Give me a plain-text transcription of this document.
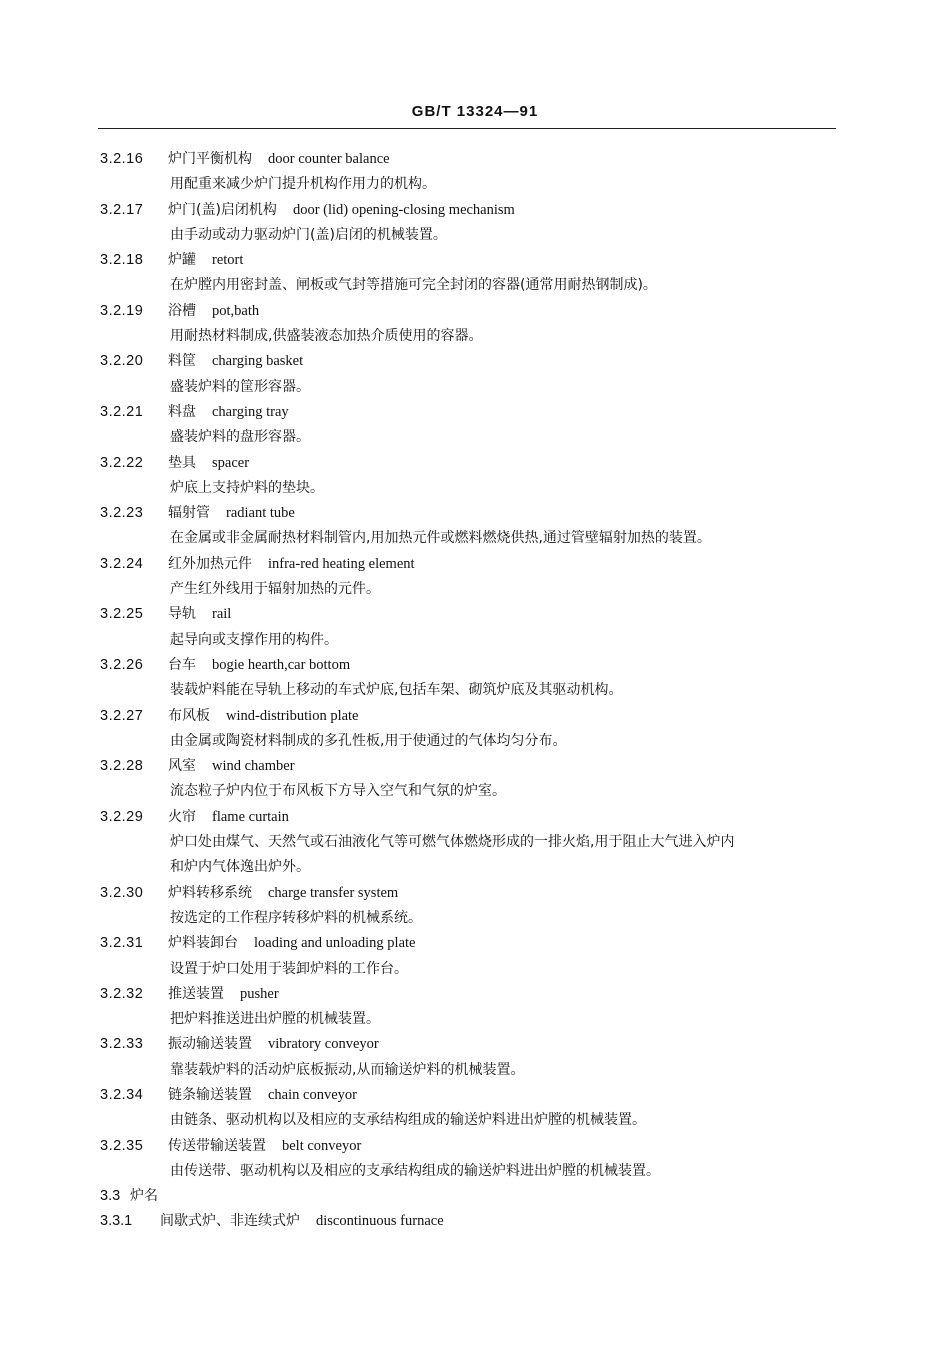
GB/T 13324—91
3.2.16 炉门平衡机构 door counter balance
用配重来减少炉门提升机构作用力的机构。
3.2.17 炉门(盖)启闭机构 door (lid) opening-closing mechanism
由手动或动力驱动炉门(盖)启闭的机械装置。
3.2.18 炉罐 retort
在炉膛内用密封盖、闸板或气封等措施可完全封闭的容器(通常用耐热钢制成)。
3.2.19 浴槽 pot,bath
用耐热材料制成,供盛装液态加热介质使用的容器。
3.2.20 料筐 charging basket
盛装炉料的筐形容器。
3.2.21 料盘 charging tray
盛装炉料的盘形容器。
3.2.22 垫具 spacer
炉底上支持炉料的垫块。
3.2.23 辐射管 radiant tube
在金属或非金属耐热材料制管内,用加热元件或燃料燃烧供热,通过管壁辐射加热的装置。
3.2.24 红外加热元件 infra-red heating element
产生红外线用于辐射加热的元件。
3.2.25 导轨 rail
起导向或支撑作用的构件。
3.2.26 台车 bogie hearth,car bottom
装载炉料能在导轨上移动的车式炉底,包括车架、砌筑炉底及其驱动机构。
3.2.27 布风板 wind-distribution plate
由金属或陶瓷材料制成的多孔性板,用于使通过的气体均匀分布。
3.2.28 风室 wind chamber
流态粒子炉内位于布风板下方导入空气和气氛的炉室。
3.2.29 火帘 flame curtain
炉口处由煤气、天然气或石油液化气等可燃气体燃烧形成的一排火焰,用于阻止大气进入炉内
和炉内气体逸出炉外。
3.2.30 炉料转移系统 charge transfer system
按选定的工作程序转移炉料的机械系统。
3.2.31 炉料装卸台 loading and unloading plate
设置于炉口处用于装卸炉料的工作台。
3.2.32 推送装置 pusher
把炉料推送进出炉膛的机械装置。
3.2.33 振动输送装置 vibratory conveyor
靠装载炉料的活动炉底板振动,从而输送炉料的机械装置。
3.2.34 链条输送装置 chain conveyor
由链条、驱动机构以及相应的支承结构组成的输送炉料进出炉膛的机械装置。
3.2.35 传送带输送装置 belt conveyor
由传送带、驱动机构以及相应的支承结构组成的输送炉料进出炉膛的机械装置。
3.3 炉名
3.3.1 间歇式炉、非连续式炉 discontinuous furnace
